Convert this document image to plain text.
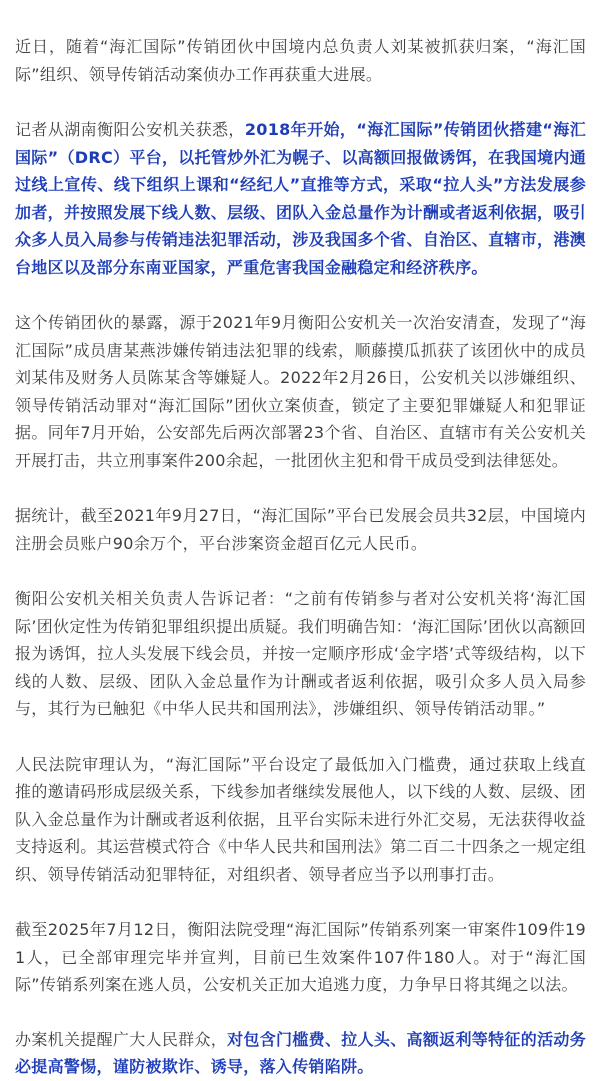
近日，随着“海汇国际”传销团伙中国境内总负责人刘某被抓获归案，“海汇国际”组织、领导传销活动案侦办工作再获重大进展。

记者从湖南衡阳公安机关获悉，2018年开始，“海汇国际”传销团伙搭建“海汇国际”（DRC）平台，以托管炒外汇为幌子、以高额回报做诱饵，在我国境内通过线上宣传、线下组织上课和“经纪人”直推等方式，采取“拉人头”方法发展参加者，并按照发展下线人数、层级、团队入金总量作为计酬或者返利依据，吸引众多人员入局参与传销违法犯罪活动，涉及我国多个省、自治区、直辖市，港澳台地区以及部分东南亚国家，严重危害我国金融稳定和经济秩序。

这个传销团伙的暴露，源于2021年9月衡阳公安机关一次治安清查，发现了“海汇国际”成员唐某燕涉嫌传销违法犯罪的线索，顺藤摸瓜抓获了该团伙中的成员刘某伟及财务人员陈某含等嫌疑人。2022年2月26日，公安机关以涉嫌组织、领导传销活动罪对“海汇国际”团伙立案侦查，锁定了主要犯罪嫌疑人和犯罪证据。同年7月开始，公安部先后两次部署23个省、自治区、直辖市有关公安机关开展打击，共立刑事案件200余起，一批团伙主犯和骨干成员受到法律惩处。

据统计，截至2021年9月27日，“海汇国际”平台已发展会员共32层，中国境内注册会员账户90余万个，平台涉案资金超百亿元人民币。

衡阳公安机关相关负责人告诉记者：“之前有传销参与者对公安机关将‘海汇国际’团伙定性为传销犯罪组织提出质疑。我们明确告知：‘海汇国际’团伙以高额回报为诱饵，拉人头发展下线会员，并按一定顺序形成‘金字塔’式等级结构，以下线的人数、层级、团队入金总量作为计酬或者返利依据，吸引众多人员入局参与，其行为已触犯《中华人民共和国刑法》，涉嫌组织、领导传销活动罪。”

人民法院审理认为，“海汇国际”平台设定了最低加入门槛费，通过获取上线直推的邀请码形成层级关系，下线参加者继续发展他人，以下线的人数、层级、团队入金总量作为计酬或者返利依据，且平台实际未进行外汇交易，无法获得收益支持返利。其运营模式符合《中华人民共和国刑法》第二百二十四条之一规定组织、领导传销活动犯罪特征，对组织者、领导者应当予以刑事打击。

截至2025年7月12日，衡阳法院受理“海汇国际”传销系列案一审案件109件191人，已全部审理完毕并宣判，目前已生效案件107件180人。对于“海汇国际”传销系列案在逃人员，公安机关正加大追逃力度，力争早日将其绳之以法。

办案机关提醒广大人民群众，对包含门槛费、拉人头、高额返利等特征的活动务必提高警惕，谨防被欺诈、诱导，落入传销陷阱。
